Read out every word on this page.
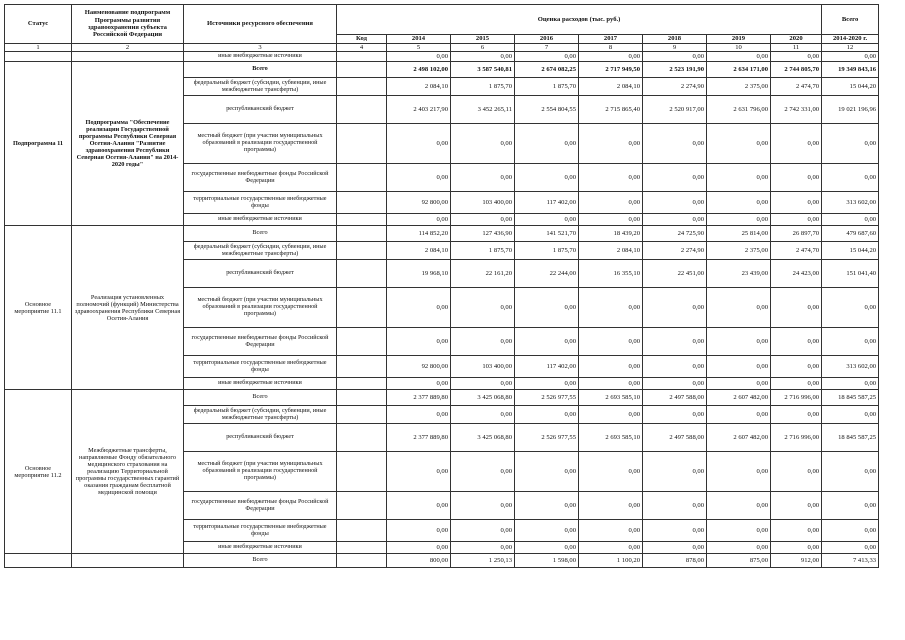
Статус	Наименование подпрограмм Программы развития здравоохранения субъекта Российской Федерации	Источники ресурсного обеспечения	Оценка расходов (тыс. руб.)								Всего
			Код	2014	2015	2016	2017	2018	2019	2020	2014-2020 г.
1	2	3	4	5	6	7	8	9	10	11	12
		иные внебюджетные источники		0,00	0,00	0,00	0,00	0,00	0,00	0,00	0,00
Подпрограмма 11	Подпрограмма "Обеспечение реализации Государственной программы Республики Северная Осетия-Алания "Развитие здравоохранения Республики Северная Осетия-Алания" на 2014-2020 годы"	Всего		2 498 102,00	3 587 540,81	2 674 082,25	2 717 949,50	2 523 191,90	2 634 171,00	2 744 805,70	19 349 843,16
		федеральный бюджет (субсидии, субвенции, иные межбюджетные трансферты)		2 084,10	1 875,70	1 875,70	2 084,10	2 274,90	2 375,00	2 474,70	15 044,20
		республиканский бюджет		2 403 217,90	3 452 265,11	2 554 804,55	2 715 865,40	2 520 917,00	2 631 796,00	2 742 331,00	19 021 196,96
		местный бюджет (при участии муниципальных образований в реализации государственной программы)		0,00	0,00	0,00	0,00	0,00	0,00	0,00	0,00
		государственные внебюджетные фонды Российской Федерации		0,00	0,00	0,00	0,00	0,00	0,00	0,00	0,00
		территориальные государственные внебюджетные фонды		92 800,00	103 400,00	117 402,00	0,00	0,00	0,00	0,00	313 602,00
		иные внебюджетные источники		0,00	0,00	0,00	0,00	0,00	0,00	0,00	0,00
Основное мероприятие 11.1	Реализация установленных полномочий (функций) Министерства здравоохранения Республики Северная Осетия-Алания	Всего		114 852,20	127 436,90	141 521,70	18 439,20	24 725,90	25 814,00	26 897,70	479 687,60
		федеральный бюджет (субсидии, субвенции, иные межбюджетные трансферты)		2 084,10	1 875,70	1 875,70	2 084,10	2 274,90	2 375,00	2 474,70	15 044,20
		республиканский бюджет		19 968,10	22 161,20	22 244,00	16 355,10	22 451,00	23 439,00	24 423,00	151 041,40
		местный бюджет (при участии муниципальных образований в реализации государственной программы)		0,00	0,00	0,00	0,00	0,00	0,00	0,00	0,00
		государственные внебюджетные фонды Российской Федерации		0,00	0,00	0,00	0,00	0,00	0,00	0,00	0,00
		территориальные государственные внебюджетные фонды		92 800,00	103 400,00	117 402,00	0,00	0,00	0,00	0,00	313 602,00
		иные внебюджетные источники		0,00	0,00	0,00	0,00	0,00	0,00	0,00	0,00
Основное мероприятие 11.2	Межбюджетные трансферты, направляемые Фонду обязательного медицинского страхования на реализацию Территориальной программы государственных гарантий оказания гражданам бесплатной медицинской помощи	Всего		2 377 889,80	3 425 068,80	2 526 977,55	2 693 585,10	2 497 588,00	2 607 482,00	2 716 996,00	18 845 587,25
		федеральный бюджет (субсидии, субвенции, иные межбюджетные трансферты)		0,00	0,00	0,00	0,00	0,00	0,00	0,00	0,00
		республиканский бюджет		2 377 889,80	3 425 068,80	2 526 977,55	2 693 585,10	2 497 588,00	2 607 482,00	2 716 996,00	18 845 587,25
		местный бюджет (при участии муниципальных образований в реализации государственной программы)		0,00	0,00	0,00	0,00	0,00	0,00	0,00	0,00
		государственные внебюджетные фонды Российской Федерации		0,00	0,00	0,00	0,00	0,00	0,00	0,00	0,00
		территориальные государственные внебюджетные фонды		0,00	0,00	0,00	0,00	0,00	0,00	0,00	0,00
		иные внебюджетные источники		0,00	0,00	0,00	0,00	0,00	0,00	0,00	0,00
		Всего		800,00	1 250,13	1 598,00	1 100,20	878,00	875,00	912,00	7 413,33
